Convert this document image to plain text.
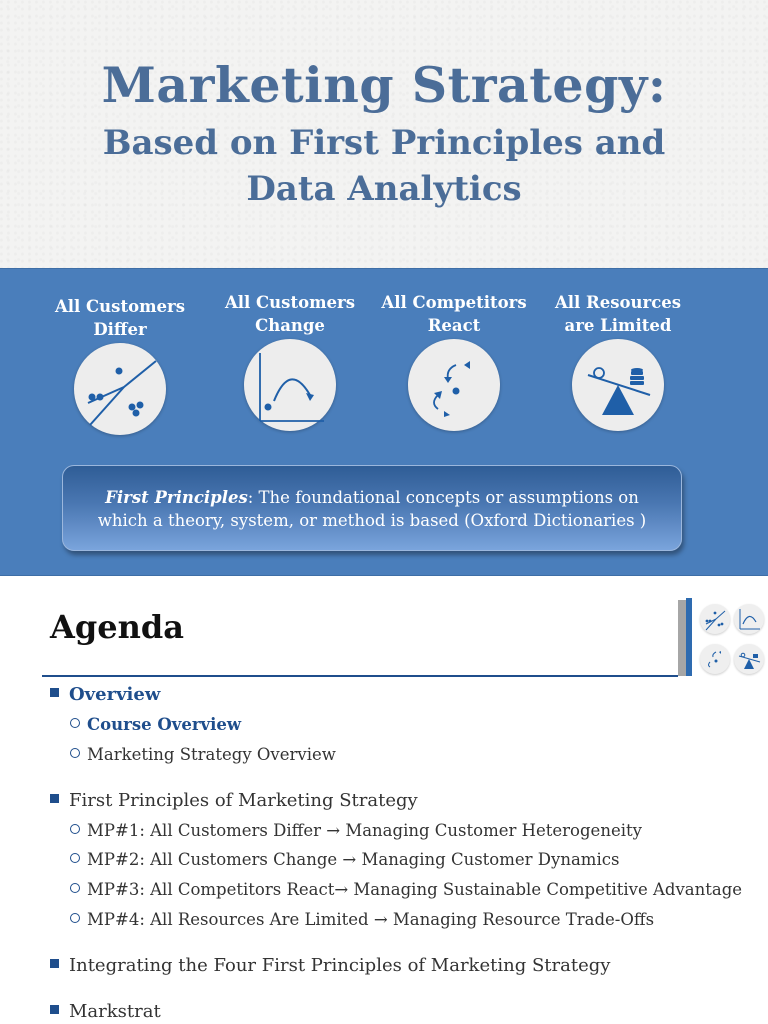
Marketing Strategy:
Based on First Principles and Data Analytics
All Customers Differ
All Customers Change
All Competitors React
All Resources are Limited
First Principles: The foundational concepts or assumptions on which a theory, system, or method is based (Oxford Dictionaries )
Agenda
Overview
Course Overview
Marketing Strategy Overview
First Principles of Marketing Strategy
MP#1: All Customers Differ → Managing Customer Heterogeneity
MP#2: All Customers Change → Managing Customer Dynamics
MP#3: All Competitors React→ Managing Sustainable Competitive Advantage
MP#4: All Resources Are Limited → Managing Resource Trade-Offs
Integrating the Four First Principles of Marketing Strategy
Markstrat
